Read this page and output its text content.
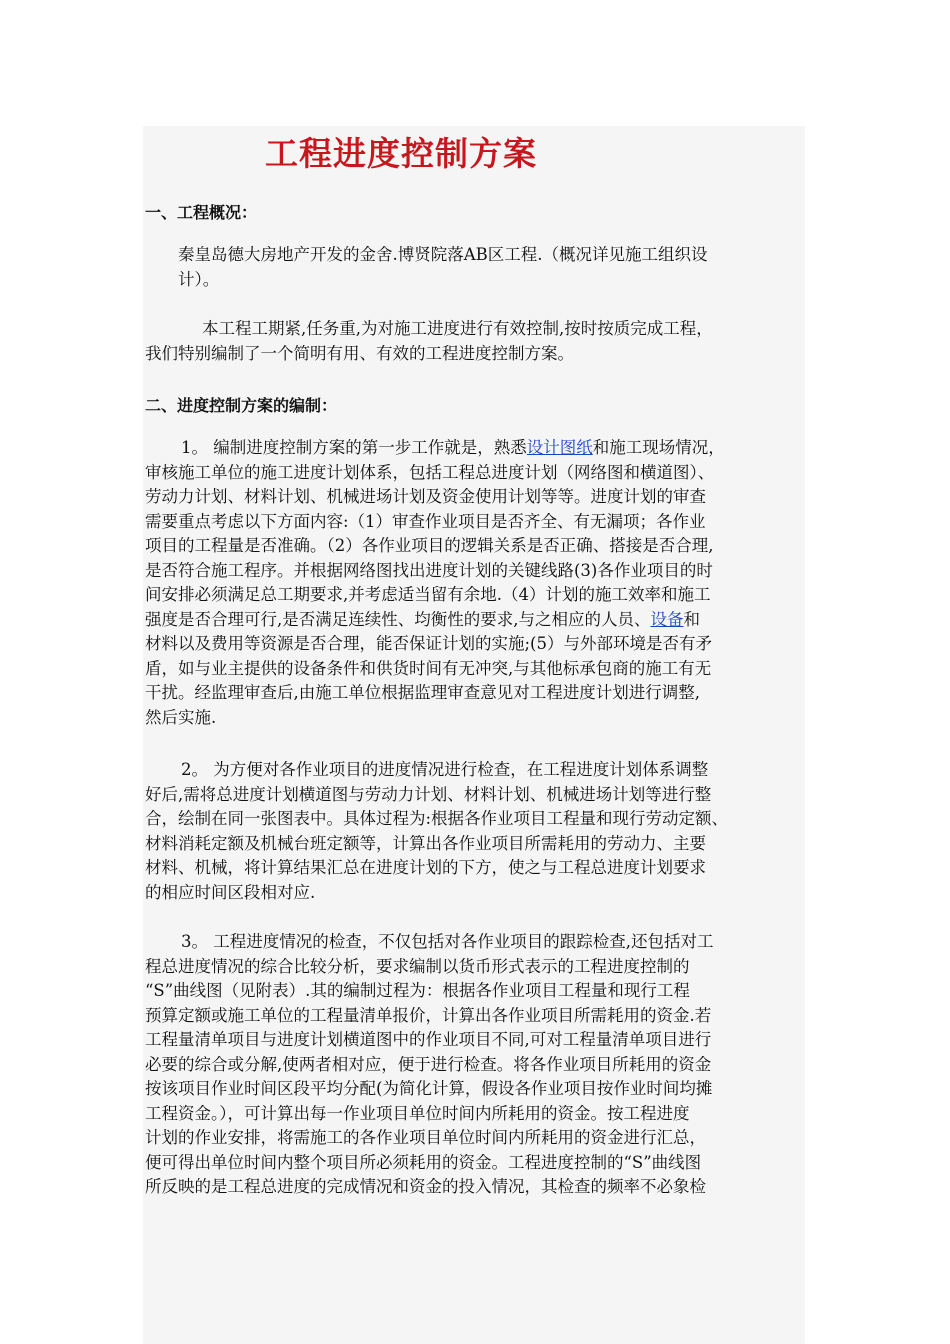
工程进度控制方案
一、工程概况：
秦皇岛德大房地产开发的金舍.博贤院落AB区工程.（概况详见施工组织设
计）。
本工程工期紧,任务重,为对施工进度进行有效控制,按时按质完成工程，
我们特别编制了一个简明有用、有效的工程进度控制方案。
二、进度控制方案的编制：
1。 编制进度控制方案的第一步工作就是，熟悉设计图纸和施工现场情况，
审核施工单位的施工进度计划体系，包括工程总进度计划（网络图和横道图）、
劳动力计划、材料计划、机械进场计划及资金使用计划等等。进度计划的审查
需要重点考虑以下方面内容:（1）审查作业项目是否齐全、有无漏项；各作业
项目的工程量是否准确。（2）各作业项目的逻辑关系是否正确、搭接是否合理,
是否符合施工程序。并根据网络图找出进度计划的关键线路(3)各作业项目的时
间安排必须满足总工期要求,并考虑适当留有余地.（4）计划的施工效率和施工
强度是否合理可行,是否满足连续性、均衡性的要求,与之相应的人员、设备和
材料以及费用等资源是否合理，能否保证计划的实施;(5）与外部环境是否有矛
盾，如与业主提供的设备条件和供货时间有无冲突,与其他标承包商的施工有无
干扰。经监理审查后,由施工单位根据监理审查意见对工程进度计划进行调整,
然后实施.
2。 为方便对各作业项目的进度情况进行检查，在工程进度计划体系调整
好后,需将总进度计划横道图与劳动力计划、材料计划、机械进场计划等进行整
合，绘制在同一张图表中。具体过程为:根据各作业项目工程量和现行劳动定额、
材料消耗定额及机械台班定额等，计算出各作业项目所需耗用的劳动力、主要
材料、机械，将计算结果汇总在进度计划的下方，使之与工程总进度计划要求
的相应时间区段相对应.
3。 工程进度情况的检查，不仅包括对各作业项目的跟踪检查,还包括对工
程总进度情况的综合比较分析，要求编制以货币形式表示的工程进度控制的
“S”曲线图（见附表）.其的编制过程为：根据各作业项目工程量和现行工程
预算定额或施工单位的工程量清单报价，计算出各作业项目所需耗用的资金.若
工程量清单项目与进度计划横道图中的作业项目不同,可对工程量清单项目进行
必要的综合或分解,使两者相对应，便于进行检查。将各作业项目所耗用的资金
按该项目作业时间区段平均分配(为简化计算，假设各作业项目按作业时间均摊
工程资金。），可计算出每一作业项目单位时间内所耗用的资金。按工程进度
计划的作业安排，将需施工的各作业项目单位时间内所耗用的资金进行汇总，
便可得出单位时间内整个项目所必须耗用的资金。工程进度控制的“S”曲线图
所反映的是工程总进度的完成情况和资金的投入情况，其检查的频率不必象检
